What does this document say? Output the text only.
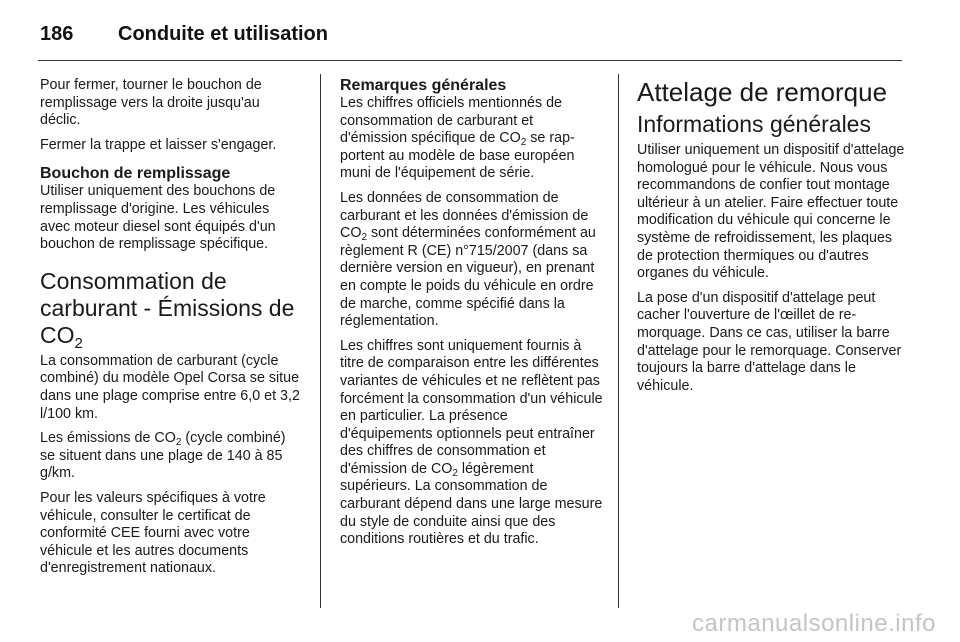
186 Conduite et utilisation

Pour fermer, tourner le bouchon de remplissage vers la droite jusqu'au déclic.

Fermer la trappe et laisser s'engager.

Bouchon de remplissage

Utiliser uniquement des bouchons de remplissage d'origine. Les véhicules avec moteur diesel sont équipés d'un bouchon de remplissage spécifique.

Consommation de carburant - Émissions de $CO_2$

La consommation de carburant (cycle combiné) du modèle Opel Corsa se situe dans une plage comprise entre 6,0 et 3,2 l/100 km.

Les émissions de $CO_2$ (cycle combiné) se situent dans une plage de 140 à 85 g/km.

Pour les valeurs spécifiques à votre véhicule, consulter le certificat de conformité CEE fourni avec votre véhicule et les autres documents d'enregistrement nationaux.

Remarques générales

Les chiffres officiels mentionnés de consommation de carburant et d'émission spécifique de $CO_2$ se rapportent au modèle de base européen muni de l'équipement de série.

Les données de consommation de carburant et les données d'émission de $CO_2$ sont déterminées conformément au règlement R (CE) n°715/2007 (dans sa dernière version en vigueur), en prenant en compte le poids du véhicule en ordre de marche, comme spécifié dans la réglementation.

Les chiffres sont uniquement fournis à titre de comparaison entre les différentes variantes de véhicules et ne reflètent pas forcément la consommation d'un véhicule en particulier. La présence d'équipements optionnels peut entraîner des chiffres de consommation et d'émission de $CO_2$ légèrement supérieurs. La consommation de carburant dépend dans une large mesure du style de conduite ainsi que des conditions routières et du trafic.

Attelage de remorque
Informations générales

Utiliser uniquement un dispositif d'attelage homologué pour le véhicule. Nous vous recommandons de confier tout montage ultérieur à un atelier. Faire effectuer toute modification du véhicule qui concerne le système de refroidissement, les plaques de protection thermiques ou d'autres organes du véhicule.

La pose d'un dispositif d'attelage peut cacher l'ouverture de l'œillet de remorquage. Dans ce cas, utiliser la barre d'attelage pour le remorquage. Conserver toujours la barre d'attelage dans le véhicule.

carmanualsonline.info
